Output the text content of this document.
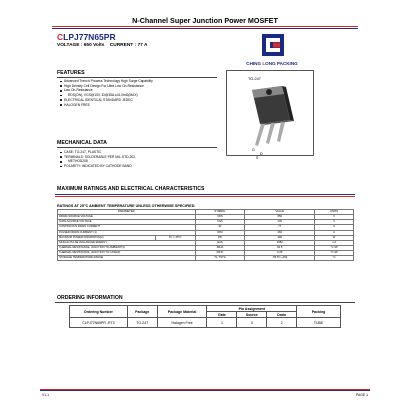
N-Channel Super Junction Power MOSFET
CLPJ77N65PR
VOLTAGE : 650 Volts    CURRENT : 77 A
CHING LONG PACKING
TO-247
G
D
S
FEATURES
Advanced Trench Process Technology High Surge Capability
High Density Cell Design For Ultra Low On-Resistance
Low On-Resistance
RDS(ON), VGS@10V, ID@35A ≤41.0mΩ(MAX)
ELECTRICAL IDENTICAL STANDARD JEDEC
HALOGEN FREE
MECHANICAL DATA
CASE: TO-247, PLASTIC
TERMINALS: SOLDERABLE PER MIL-STD-202,
METHOD208
POLARITY: INDICATED BY CATHODE BAND
MAXIMUM RATINGS AND ELECTRICAL CHARACTERISTICS
RATINGS AT 25°C AMBIENT TEMPERATURE UNLESS OTHERWISE SPECIFIED.
PARAMETER		SYMBOL	VALUE	UNITS
DRAIN-SOURCE VOLTAGE		VDS	650	V
GATE-SOURCE VOLTAGE		VGS	±30	V
CONTINUOUS DRAIN CURRENT		ID	77	A
PULSED DRAIN CURRENT (1)		IDM	260	A
MAXIMUM POWER DISSIPATION(2)	TC = 25°C	PD	490	W
SINGLE PULSE AVALANCHE ENERGY		EAS	1950	mJ
THERMAL RESISTANCE, JUNCTION TO AMBIENT(3)		RθJA	62.5	°C /W
THERMAL RESISTANCE, JUNCTION TO CASE(3)		RθJC	0.25	°C /W
STORAGE TEMPERATURE RANGE		TJ, TSTG	-55 TO +150	°C
ORDERING INFORMATION
Ordering Number	Package	Package Material	Pin Assignment			Packing
			Gate	Source	Drain	
CLPJ77N65PR -RT3	TO-247	Halogen Free	1	3	2	TUBE
V1.1	PAGE 1
